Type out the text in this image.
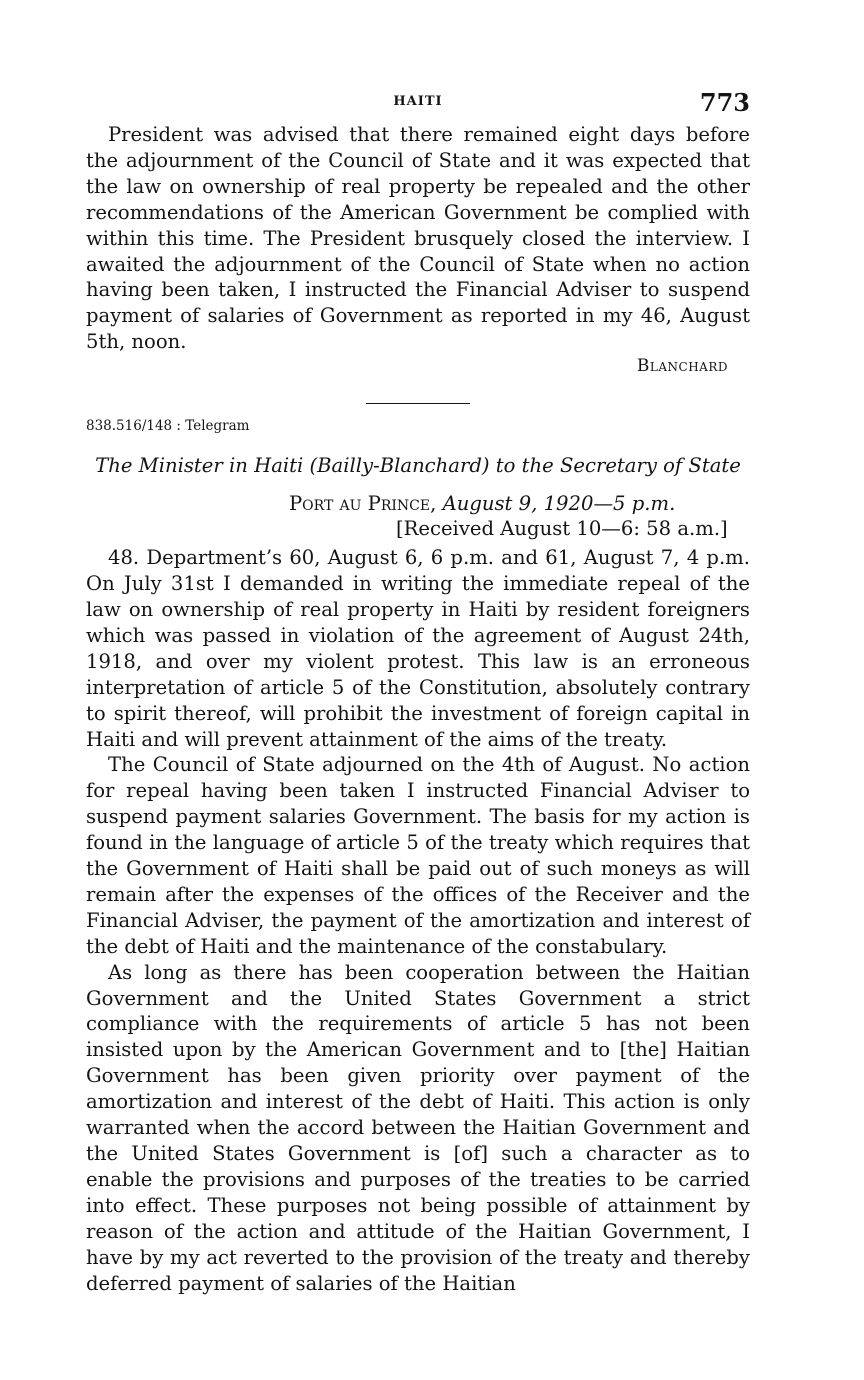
HAITI	773

President was advised that there remained eight days before the adjournment of the Council of State and it was expected that the law on ownership of real property be repealed and the other recommendations of the American Government be complied with within this time. The President brusquely closed the interview. I awaited the adjournment of the Council of State when no action having been taken, I instructed the Financial Adviser to suspend payment of salaries of Government as reported in my 46, August 5th, noon.

Blanchard
838.516/148 : Telegram
The Minister in Haiti (Bailly-Blanchard) to the Secretary of State
Port au Prince, August 9, 1920—5 p.m.
[Received August 10—6: 58 a.m.]

48. Department’s 60, August 6, 6 p.m. and 61, August 7, 4 p.m. On July 31st I demanded in writing the immediate repeal of the law on ownership of real property in Haiti by resident foreigners which was passed in violation of the agreement of August 24th, 1918, and over my violent protest. This law is an erroneous interpretation of article 5 of the Constitution, absolutely contrary to spirit thereof, will prohibit the investment of foreign capital in Haiti and will prevent attainment of the aims of the treaty.

The Council of State adjourned on the 4th of August. No action for repeal having been taken I instructed Financial Adviser to suspend payment salaries Government. The basis for my action is found in the language of article 5 of the treaty which requires that the Government of Haiti shall be paid out of such moneys as will remain after the expenses of the offices of the Receiver and the Financial Adviser, the payment of the amortization and interest of the debt of Haiti and the maintenance of the constabulary.

As long as there has been cooperation between the Haitian Government and the United States Government a strict compliance with the requirements of article 5 has not been insisted upon by the American Government and to [the] Haitian Government has been given priority over payment of the amortization and interest of the debt of Haiti. This action is only warranted when the accord between the Haitian Government and the United States Government is [of] such a character as to enable the provisions and purposes of the treaties to be carried into effect. These purposes not being possible of attainment by reason of the action and attitude of the Haitian Government, I have by my act reverted to the provision of the treaty and thereby deferred payment of salaries of the Haitian
